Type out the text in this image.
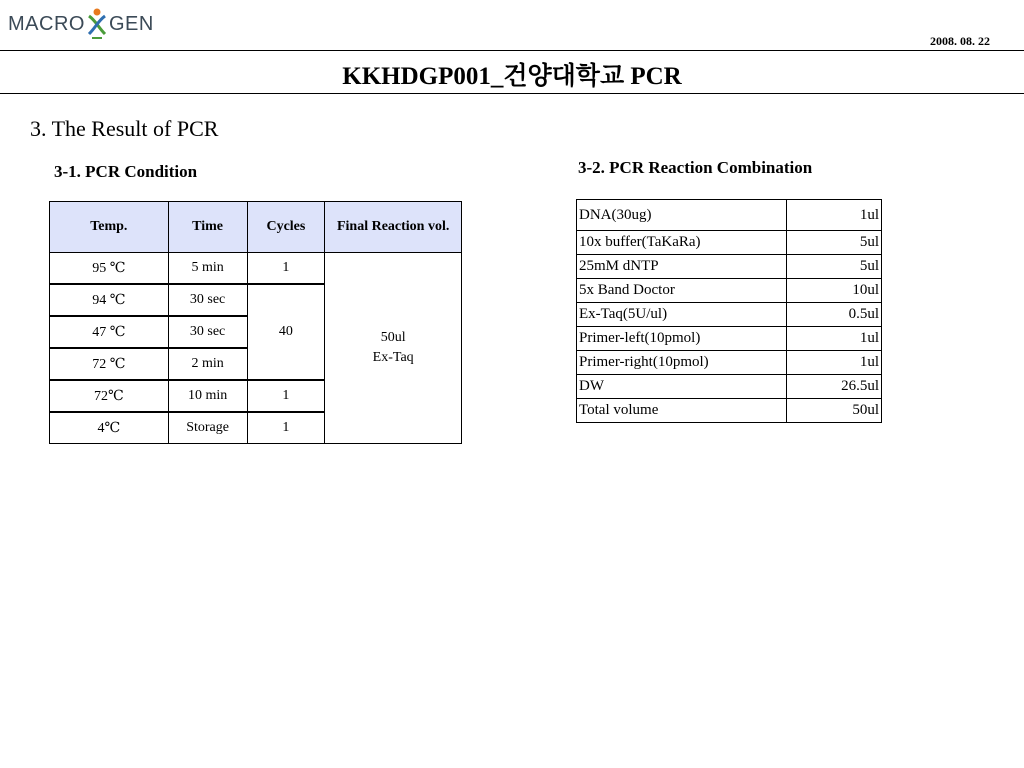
MACRO GEN
2008. 08. 22
KKHDGP001_건양대학교 PCR
3. The Result of PCR
3-1. PCR Condition	3-2. PCR Reaction Combination
Temp.	Time	Cycles	Final Reaction vol.
95 ℃	5 min	1	50ul
Ex-Taq

94 ℃	30 sec	40	
47 ℃	30 sec		
72 ℃	2 min		
72℃	10 min	1	
4℃	Storage	1	
DNA(30ug)	1ul
10x buffer(TaKaRa)	5ul
25mM dNTP	5ul
5x Band Doctor	10ul
Ex-Taq(5U/ul)	0.5ul
Primer-left(10pmol)	1ul
Primer-right(10pmol)	1ul
DW	26.5ul
Total volume	50ul
